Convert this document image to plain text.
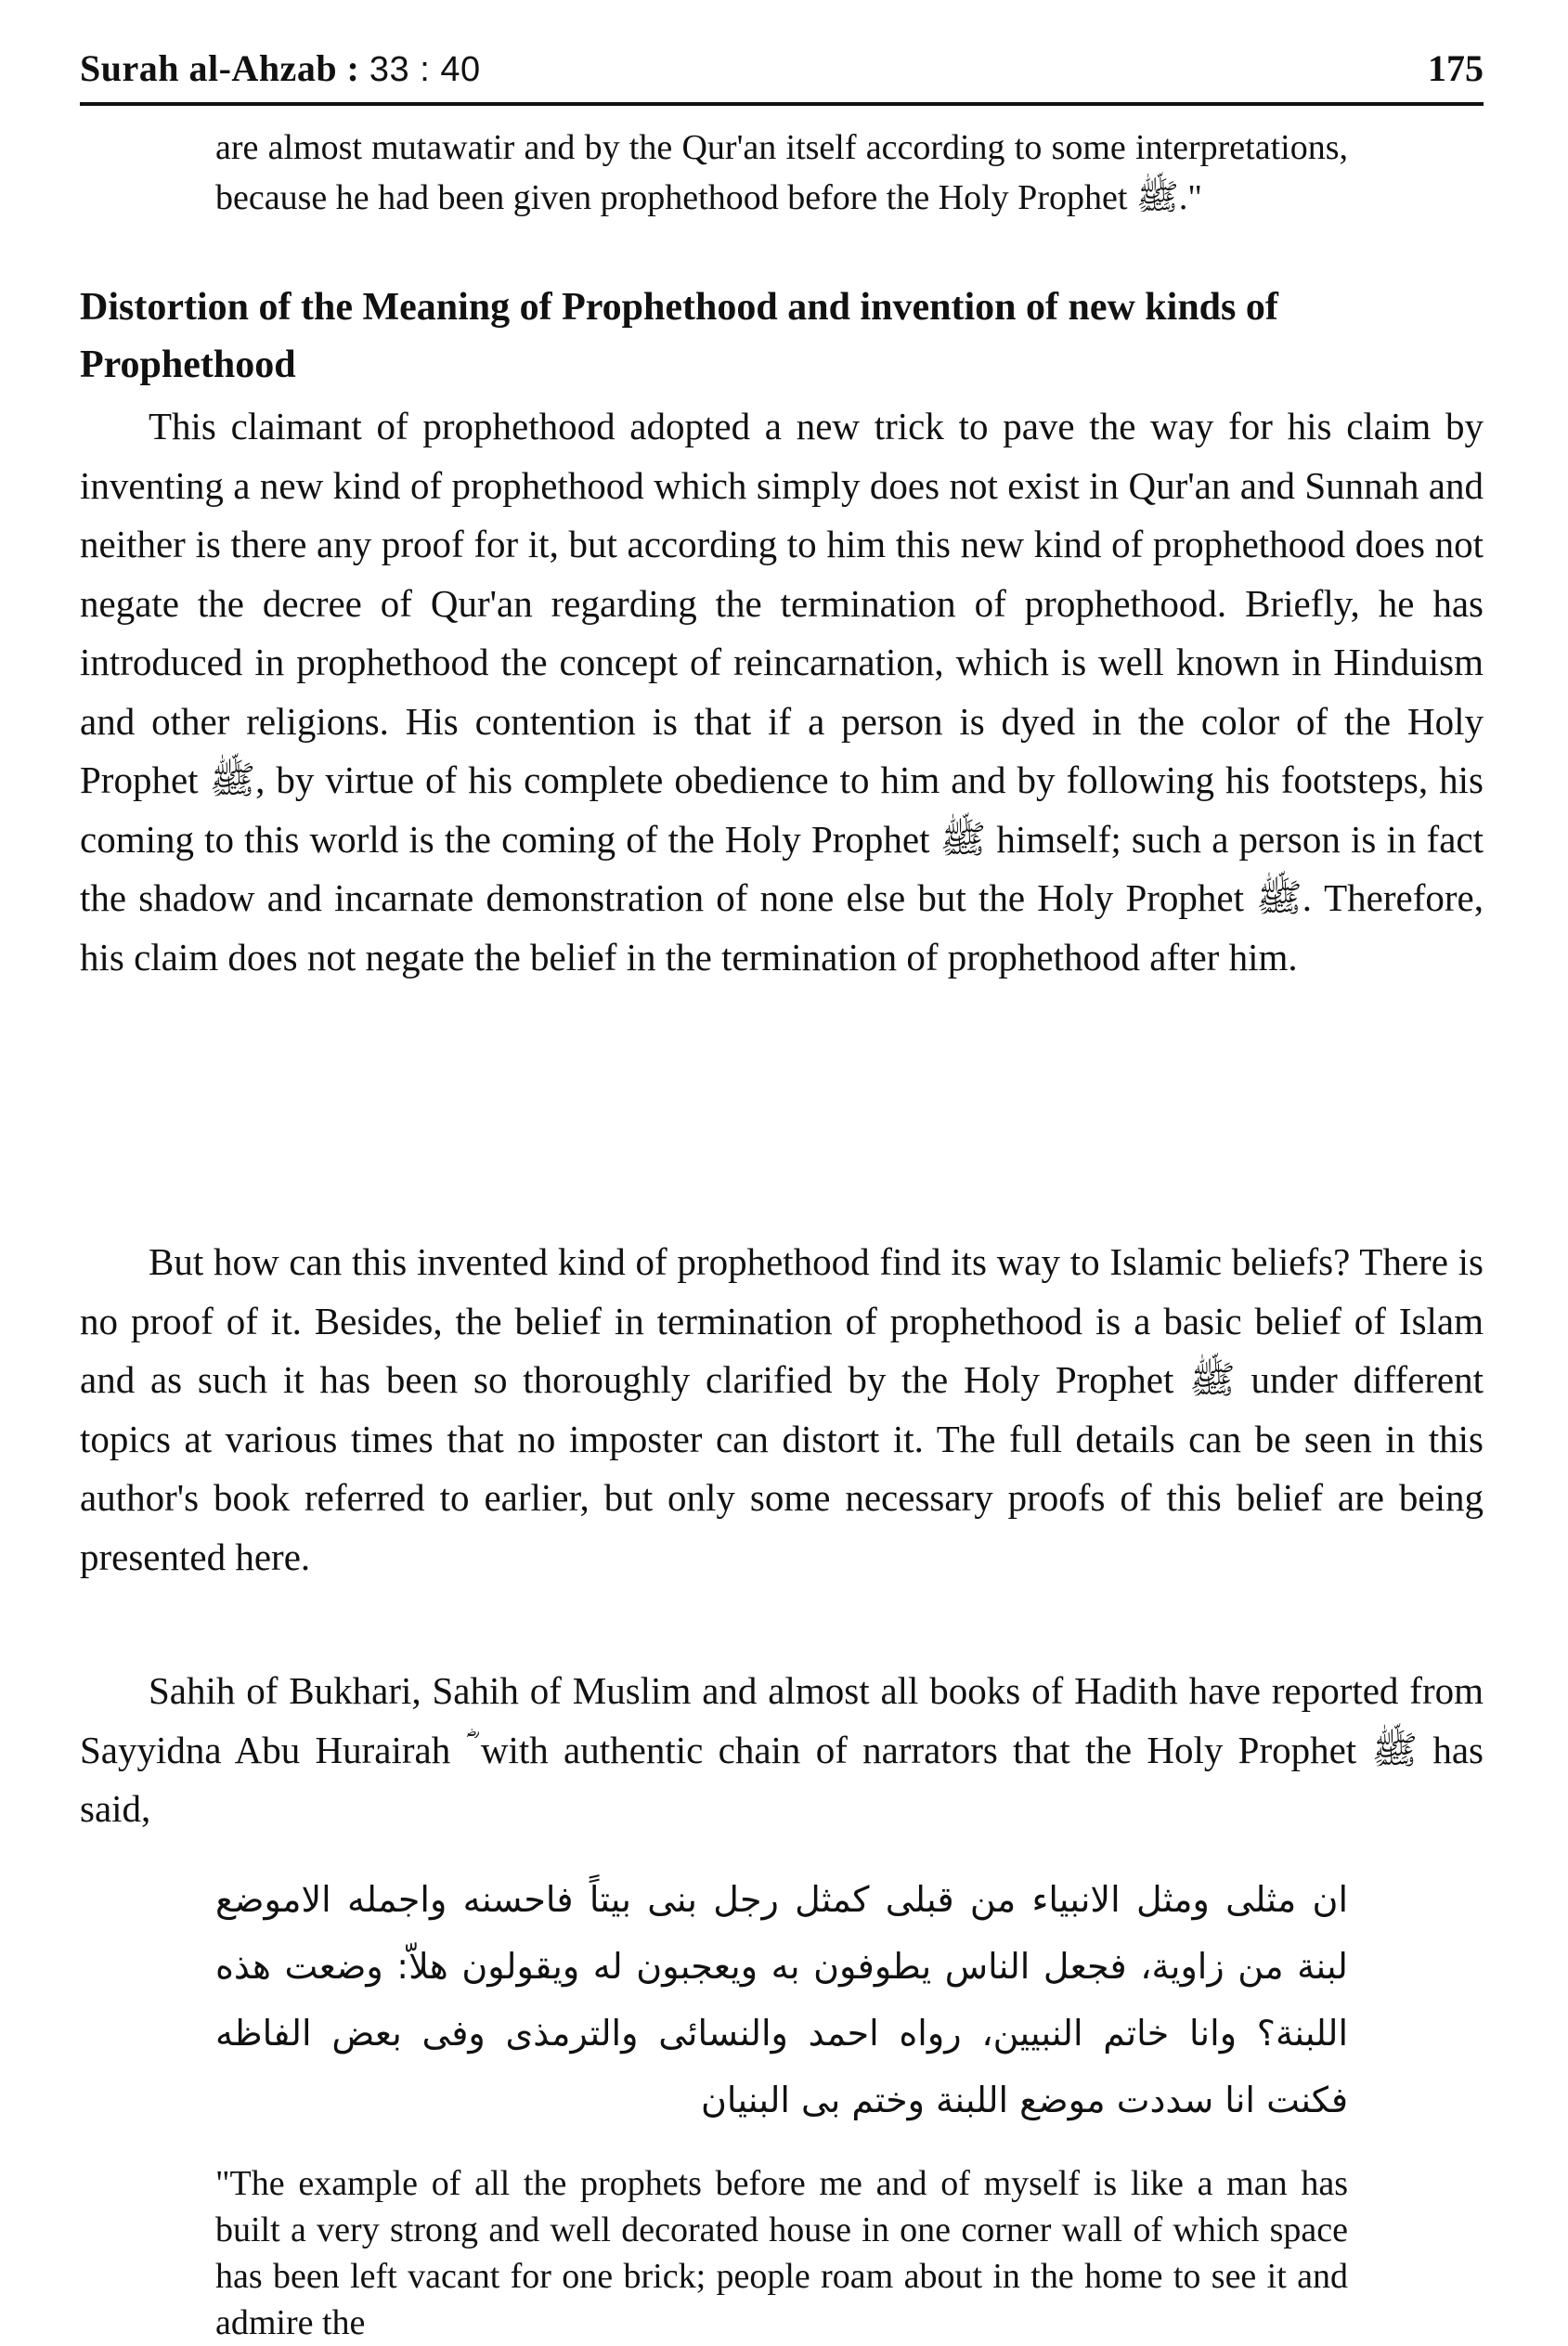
Surah al-Ahzab : 33 : 40	175
are almost mutawatir and by the Qur'an itself according to some interpretations, because he had been given prophethood before the Holy Prophet ﷺ."
Distortion of the Meaning of Prophethood and invention of new kinds of Prophethood

This claimant of prophethood adopted a new trick to pave the way for his claim by inventing a new kind of prophethood which simply does not exist in Qur'an and Sunnah and neither is there any proof for it, but according to him this new kind of prophethood does not negate the decree of Qur'an regarding the termination of prophethood. Briefly, he has introduced in prophethood the concept of reincarnation, which is well known in Hinduism and other religions. His contention is that if a person is dyed in the color of the Holy Prophet ﷺ, by virtue of his complete obedience to him and by following his footsteps, his coming to this world is the coming of the Holy Prophet ﷺ himself; such a person is in fact the shadow and incarnate demonstration of none else but the Holy Prophet ﷺ. Therefore, his claim does not negate the belief in the termination of prophethood after him.

But how can this invented kind of prophethood find its way to Islamic beliefs? There is no proof of it. Besides, the belief in termination of prophethood is a basic belief of Islam and as such it has been so thoroughly clarified by the Holy Prophet ﷺ under different topics at various times that no imposter can distort it. The full details can be seen in this author's book referred to earlier, but only some necessary proofs of this belief are being presented here.

Sahih of Bukhari, Sahih of Muslim and almost all books of Hadith have reported from Sayyidna Abu Hurairah ؓ with authentic chain of narrators that the Holy Prophet ﷺ has said,

ان مثلی ومثل الانبیاء من قبلی کمثل رجل بنی بیتاً فاحسنه واجمله الاموضع لبنة من زاویة، فجعل الناس یطوفون به ویعجبون له ویقولون هلاّ: وضعت هذه اللبنة؟ وانا خاتم النبیین، رواه احمد والنسائی والترمذی وفی بعض الفاظه فکنت انا سددت موضع اللبنة وختم بی البنیان
"The example of all the prophets before me and of myself is like a man has built a very strong and well decorated house in one corner wall of which space has been left vacant for one brick; people roam about in the home to see it and admire the
